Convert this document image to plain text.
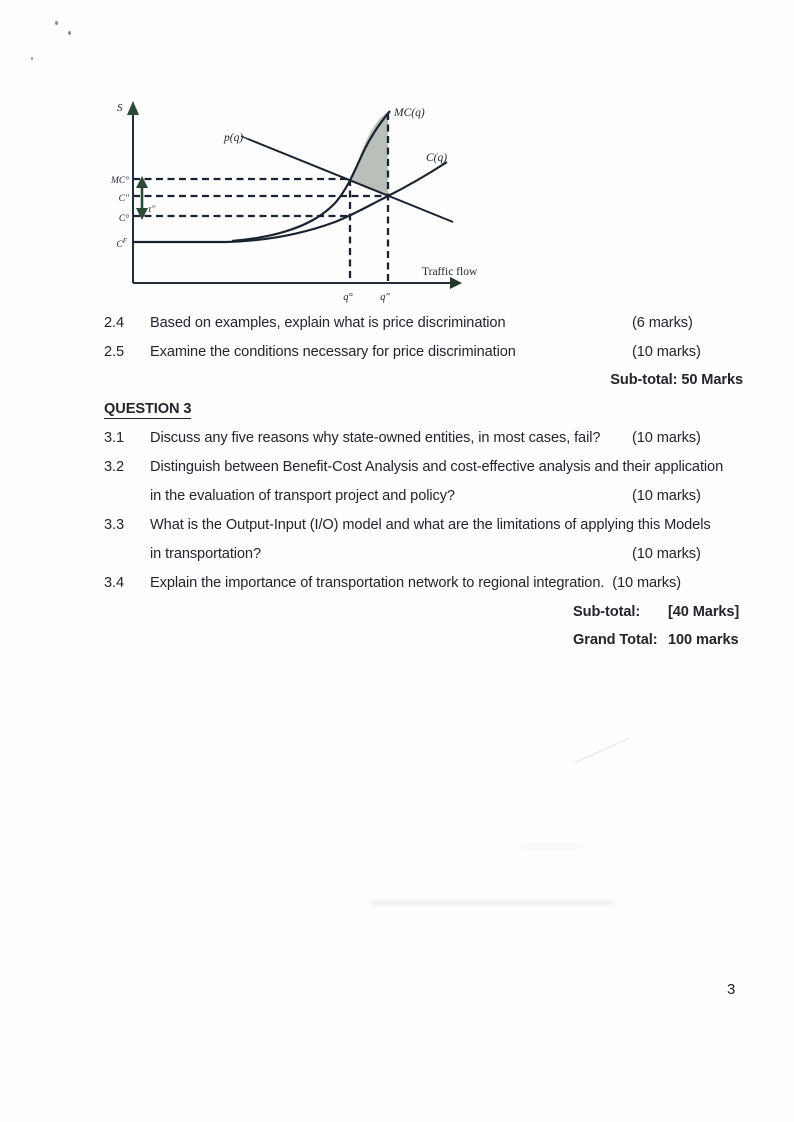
S
Traffic flow
MC(q)
C(q)
p(q)
MC°
C"
C°
$C^F$
τ''
q°	q"
2.4 Based on examples, explain what is price discrimination	(6 marks)
2.5 Examine the conditions necessary for price discrimination	(10 marks)
Sub-total: 50 Marks
QUESTION 3
3.1 Discuss any five reasons why state-owned entities, in most cases, fail? (10 marks)
3.2 Distinguish between Benefit-Cost Analysis and cost-effective analysis and their application
in the evaluation of transport project and policy?	(10 marks)
3.3 What is the Output-Input (I/O) model and what are the limitations of applying this Models
in transportation?	(10 marks)
3.4 Explain the importance of transportation network to regional integration. (10 marks)
Sub-total: [40 Marks]
Grand Total: 100 marks
3
